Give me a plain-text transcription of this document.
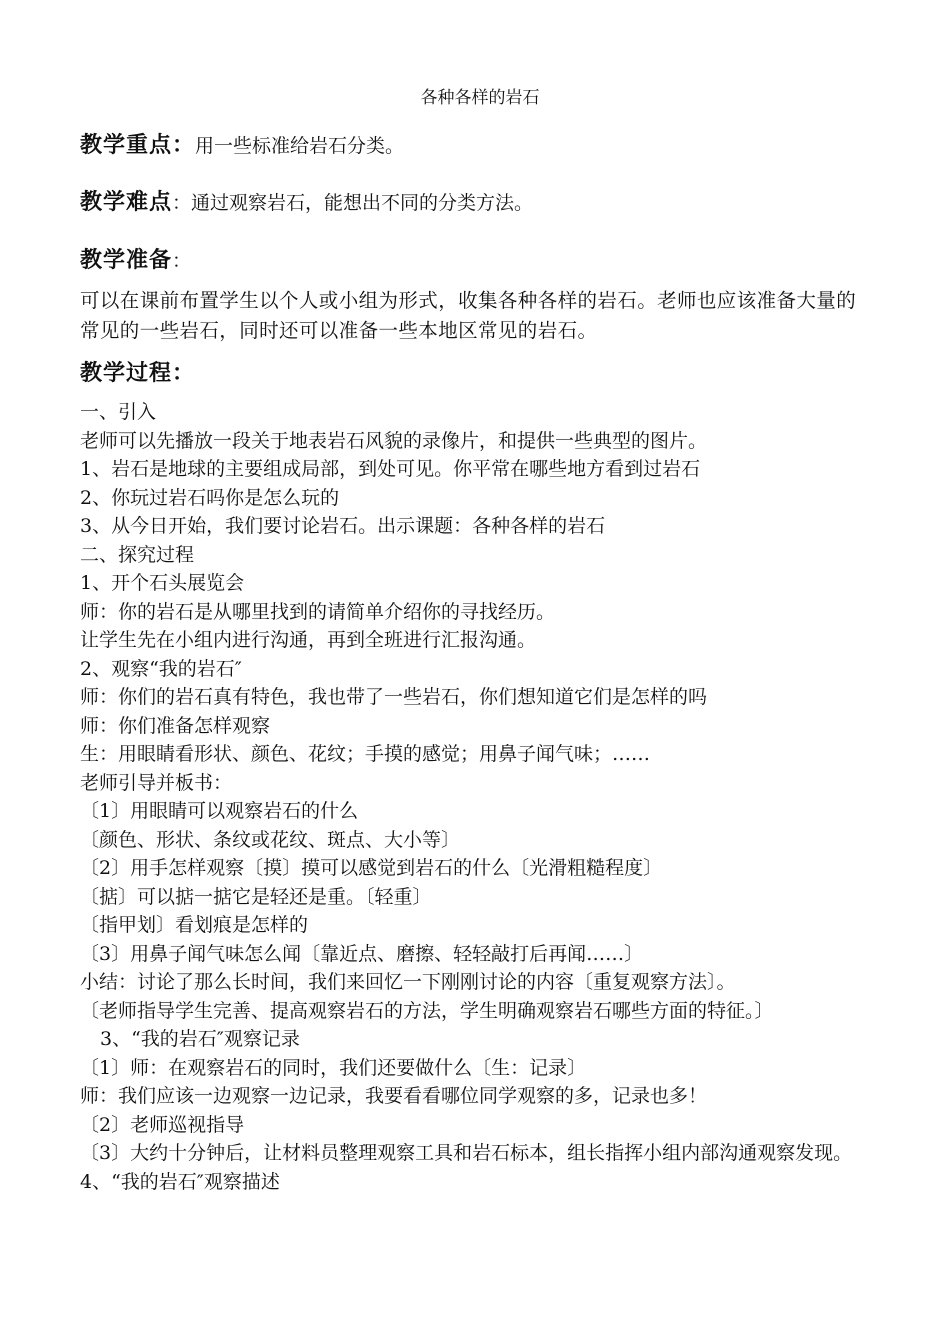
各种各样的岩石
教学重点：用一些标准给岩石分类。
教学难点：通过观察岩石，能想出不同的分类方法。
教学准备：
可以在课前布置学生以个人或小组为形式，收集各种各样的岩石。老师也应该准备大量的常见的一些岩石，同时还可以准备一些本地区常见的岩石。
教学过程：
一、引入
老师可以先播放一段关于地表岩石风貌的录像片，和提供一些典型的图片。
1、岩石是地球的主要组成局部，到处可见。你平常在哪些地方看到过岩石
2、你玩过岩石吗你是怎么玩的
3、从今日开始，我们要讨论岩石。出示课题：各种各样的岩石
二、探究过程
1、开个石头展览会
师：你的岩石是从哪里找到的请简单介绍你的寻找经历。
让学生先在小组内进行沟通，再到全班进行汇报沟通。
2、观察“我的岩石″
师：你们的岩石真有特色，我也带了一些岩石，你们想知道它们是怎样的吗
师：你们准备怎样观察
生：用眼睛看形状、颜色、花纹；手摸的感觉；用鼻子闻气味；……
老师引导并板书：
〔1〕用眼睛可以观察岩石的什么
〔颜色、形状、条纹或花纹、斑点、大小等〕
〔2〕用手怎样观察〔摸〕摸可以感觉到岩石的什么〔光滑粗糙程度〕
〔掂〕可以掂一掂它是轻还是重。〔轻重〕
〔指甲划〕看划痕是怎样的
〔3〕用鼻子闻气味怎么闻〔靠近点、磨擦、轻轻敲打后再闻……〕
小结：讨论了那么长时间，我们来回忆一下刚刚讨论的内容〔重复观察方法〕。
〔老师指导学生完善、提高观察岩石的方法，学生明确观察岩石哪些方面的特征。〕
3、“我的岩石″观察记录
〔1〕师：在观察岩石的同时，我们还要做什么〔生：记录〕
师：我们应该一边观察一边记录，我要看看哪位同学观察的多，记录也多！
〔2〕老师巡视指导
〔3〕大约十分钟后，让材料员整理观察工具和岩石标本，组长指挥小组内部沟通观察发现。
4、“我的岩石″观察描述
